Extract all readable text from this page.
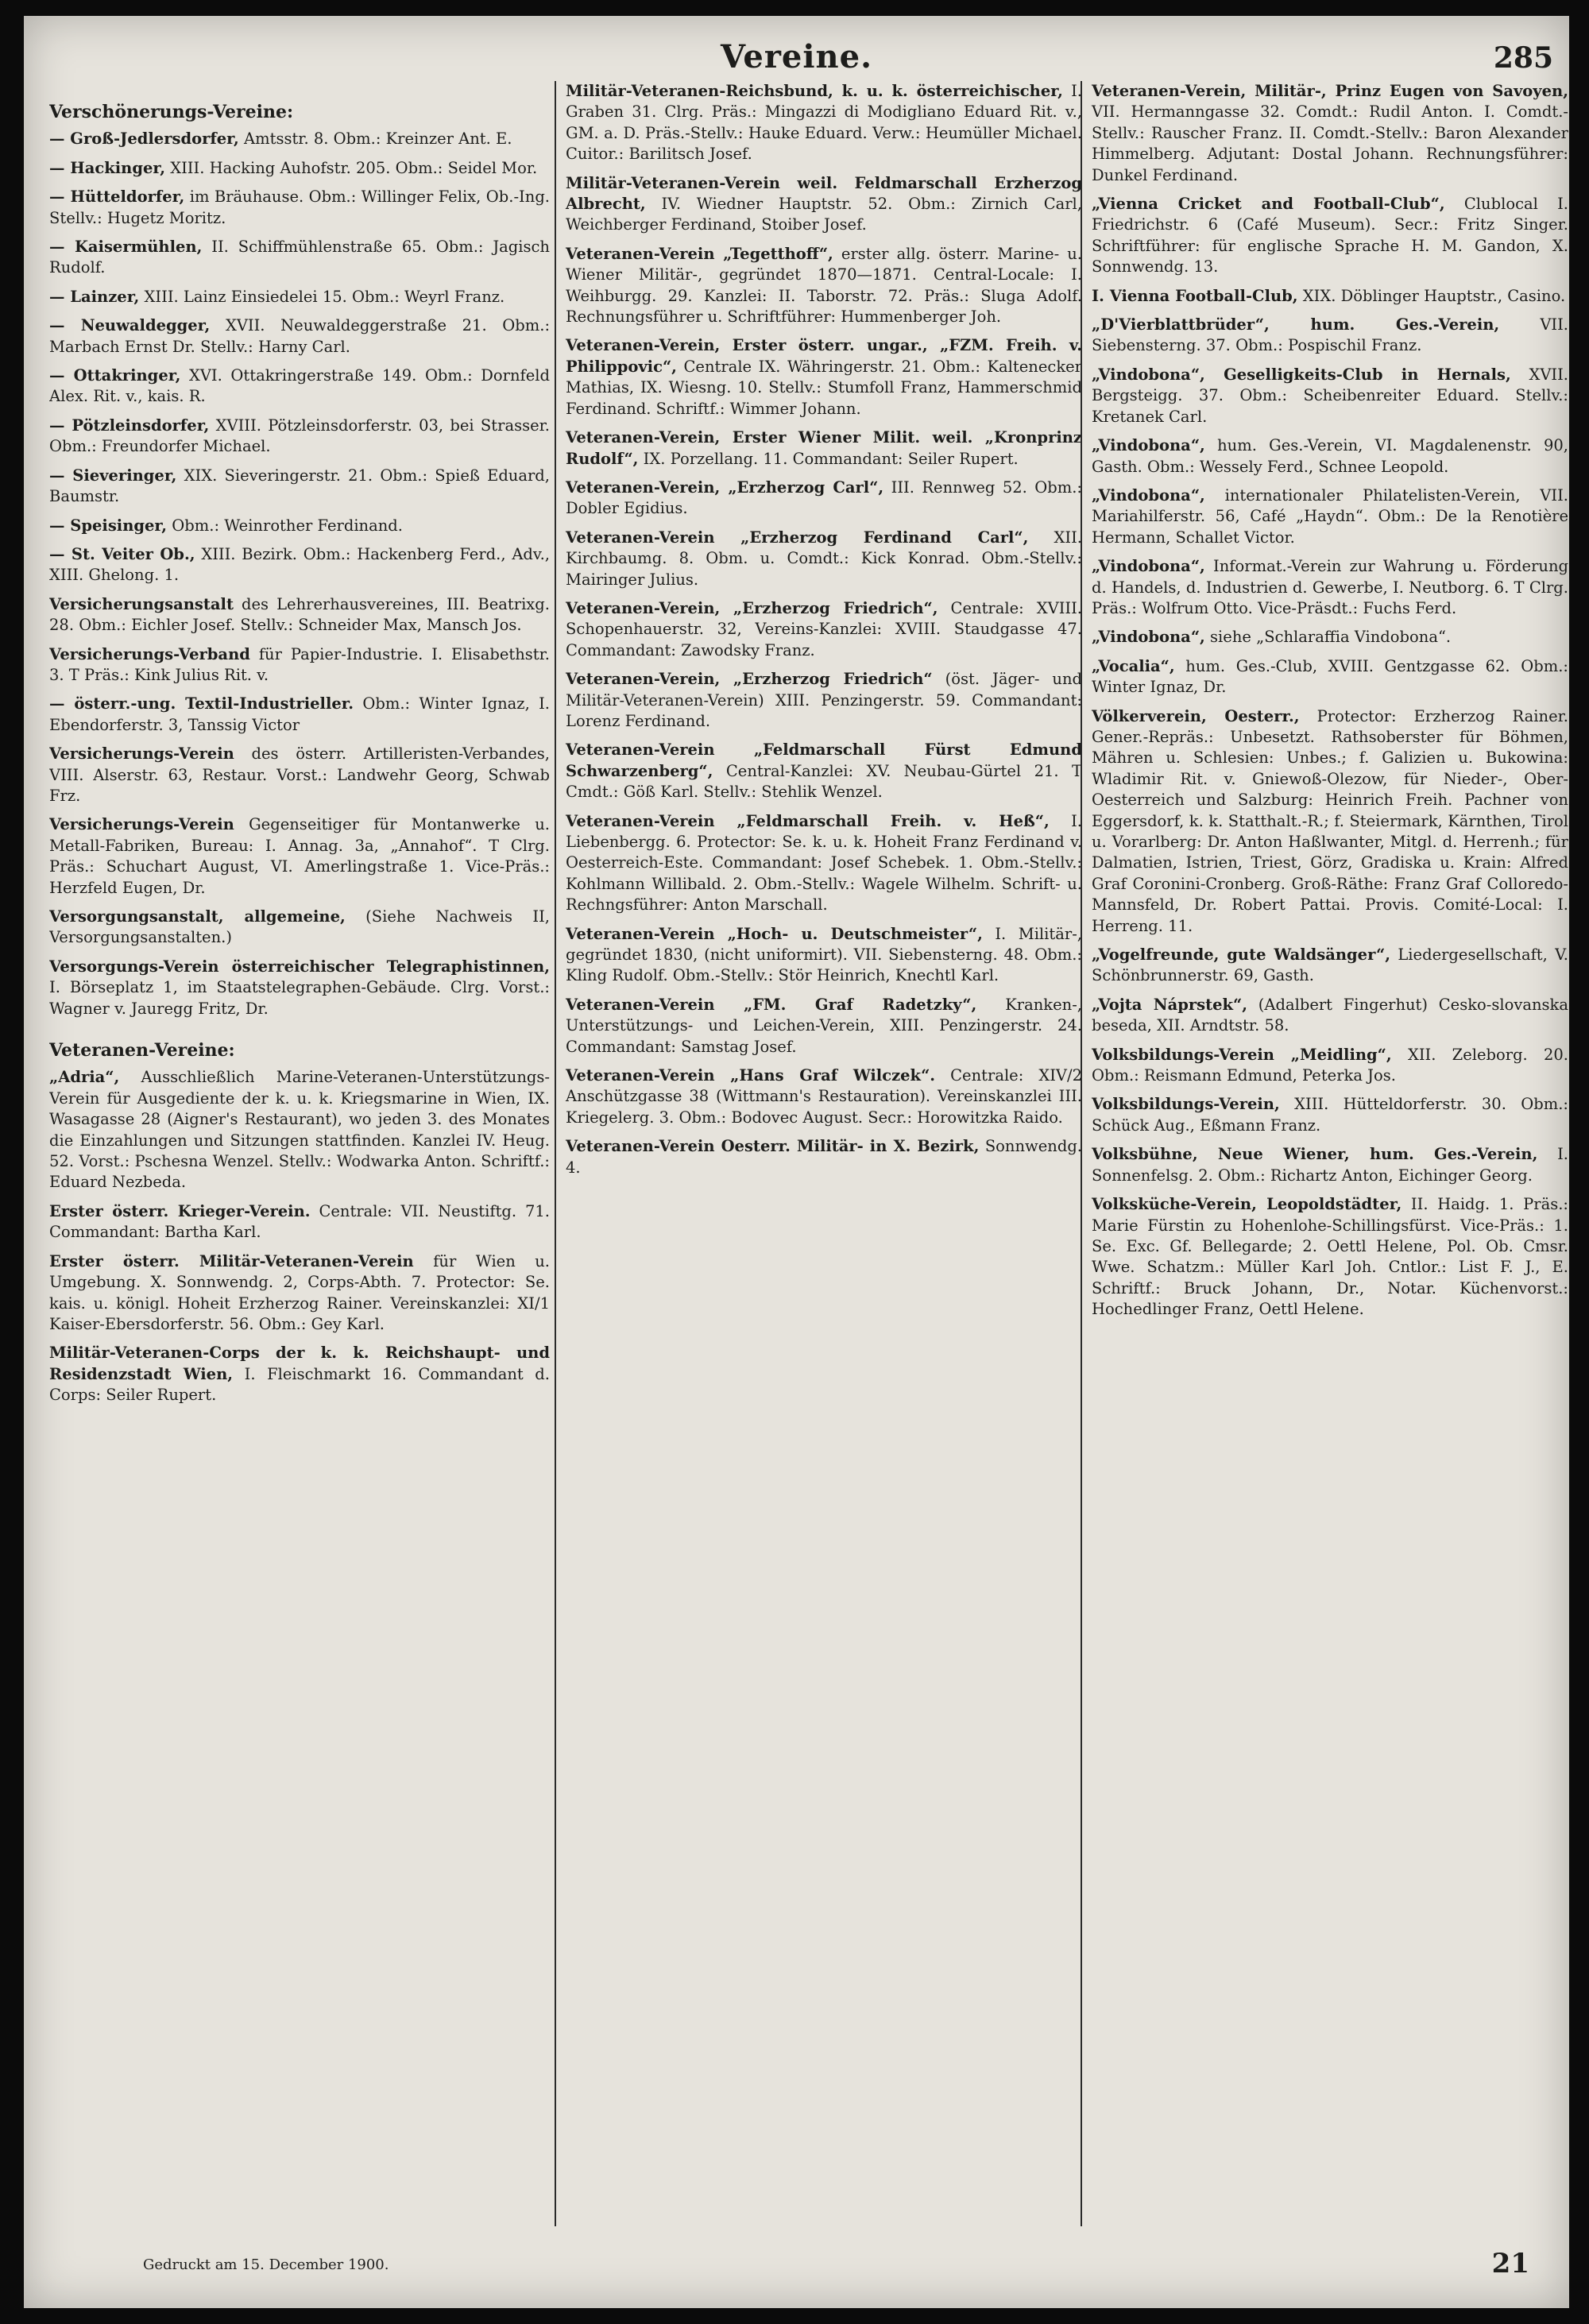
Vereine.	285
Verschönerungs-Vereine:
— Groß-Jedlersdorfer, Amtsstr. 8. Obm.: Kreinzer Ant. E.
— Hackinger, XIII. Hacking Auhofstr. 205. Obm.: Seidel Mor.
— Hütteldorfer, im Bräuhause. Obm.: Willinger Felix, Ob.-Ing. Stellv.: Hugetz Moritz.
— Kaisermühlen, II. Schiffmühlenstraße 65. Obm.: Jagisch Rudolf.
— Lainzer, XIII. Lainz Einsiedelei 15. Obm.: Weyrl Franz.
— Neuwaldegger, XVII. Neuwaldeggerstraße 21. Obm.: Marbach Ernst Dr. Stellv.: Harny Carl.
— Ottakringer, XVI. Ottakringerstraße 149. Obm.: Dornfeld Alex. Rit. v., kais. R.
— Pötzleinsdorfer, XVIII. Pötzleinsdorferstr. 03, bei Strasser. Obm.: Freundorfer Michael.
— Sieveringer, XIX. Sieveringerstr. 21. Obm.: Spieß Eduard, Baumstr.
— Speisinger, Obm.: Weinrother Ferdinand.
— St. Veiter Ob., XIII. Bezirk. Obm.: Hackenberg Ferd., Adv., XIII. Ghelong. 1.
Versicherungsanstalt des Lehrerhausvereines, III. Beatrixg. 28. Obm.: Eichler Josef. Stellv.: Schneider Max, Mansch Jos.
Versicherungs-Verband für Papier-Industrie. I. Elisabethstr. 3. T Präs.: Kink Julius Rit. v.
— österr.-ung. Textil-Industrieller. Obm.: Winter Ignaz, I. Ebendorferstr. 3, Tanssig Victor
Versicherungs-Verein des österr. Artilleristen-Verbandes, VIII. Alserstr. 63, Restaur. Vorst.: Landwehr Georg, Schwab Frz.
Versicherungs-Verein Gegenseitiger für Montanwerke u. Metall-Fabriken, Bureau: I. Annag. 3a, „Annahof“. T Clrg. Präs.: Schuchart August, VI. Amerlingstraße 1. Vice-Präs.: Herzfeld Eugen, Dr.
Versorgungsanstalt, allgemeine, (Siehe Nachweis II, Versorgungsanstalten.)
Versorgungs-Verein österreichischer Telegraphistinnen, I. Börseplatz 1, im Staatstelegraphen-Gebäude. Clrg. Vorst.: Wagner v. Jauregg Fritz, Dr.
Veteranen-Vereine:
„Adria“, Ausschließlich Marine-Veteranen-Unterstützungs-Verein für Ausgediente der k. u. k. Kriegsmarine in Wien, IX. Wasagasse 28 (Aigner's Restaurant), wo jeden 3. des Monates die Einzahlungen und Sitzungen stattfinden. Kanzlei IV. Heug. 52. Vorst.: Pschesna Wenzel. Stellv.: Wodwarka Anton. Schriftf.: Eduard Nezbeda.
Erster österr. Krieger-Verein. Centrale: VII. Neustiftg. 71. Commandant: Bartha Karl.
Erster österr. Militär-Veteranen-Verein für Wien u. Umgebung. X. Sonnwendg. 2, Corps-Abth. 7. Protector: Se. kais. u. königl. Hoheit Erzherzog Rainer. Vereinskanzlei: XI/1 Kaiser-Ebersdorferstr. 56. Obm.: Gey Karl.
Militär-Veteranen-Corps der k. k. Reichshaupt- und Residenzstadt Wien, I. Fleischmarkt 16. Commandant d. Corps: Seiler Rupert.
Militär-Veteranen-Reichsbund, k. u. k. österreichischer, I. Graben 31. Clrg. Präs.: Mingazzi di Modigliano Eduard Rit. v., GM. a. D. Präs.-Stellv.: Hauke Eduard. Verw.: Heumüller Michael. Cuitor.: Barilitsch Josef.
Militär-Veteranen-Verein weil. Feldmarschall Erzherzog Albrecht, IV. Wiedner Hauptstr. 52. Obm.: Zirnich Carl, Weichberger Ferdinand, Stoiber Josef.
Veteranen-Verein „Tegetthoff“, erster allg. österr. Marine- u. Wiener Militär-, gegründet 1870—1871. Central-Locale: I. Weihburgg. 29. Kanzlei: II. Taborstr. 72. Präs.: Sluga Adolf. Rechnungsführer u. Schriftführer: Hummenberger Joh.
Veteranen-Verein, Erster österr. ungar., „FZM. Freih. v. Philippovic“, Centrale IX. Währingerstr. 21. Obm.: Kaltenecker Mathias, IX. Wiesng. 10. Stellv.: Stumfoll Franz, Hammerschmid Ferdinand. Schriftf.: Wimmer Johann.
Veteranen-Verein, Erster Wiener Milit. weil. „Kronprinz Rudolf“, IX. Porzellang. 11. Commandant: Seiler Rupert.
Veteranen-Verein, „Erzherzog Carl“, III. Rennweg 52. Obm.: Dobler Egidius.
Veteranen-Verein „Erzherzog Ferdinand Carl“, XII. Kirchbaumg. 8. Obm. u. Comdt.: Kick Konrad. Obm.-Stellv.: Mairinger Julius.
Veteranen-Verein, „Erzherzog Friedrich“, Centrale: XVIII. Schopenhauerstr. 32, Vereins-Kanzlei: XVIII. Staudgasse 47. Commandant: Zawodsky Franz.
Veteranen-Verein, „Erzherzog Friedrich“ (öst. Jäger- und Militär-Veteranen-Verein) XIII. Penzingerstr. 59. Commandant: Lorenz Ferdinand.
Veteranen-Verein „Feldmarschall Fürst Edmund Schwarzenberg“, Central-Kanzlei: XV. Neubau-Gürtel 21. T Cmdt.: Göß Karl. Stellv.: Stehlik Wenzel.
Veteranen-Verein „Feldmarschall Freih. v. Heß“, I. Liebenbergg. 6. Protector: Se. k. u. k. Hoheit Franz Ferdinand v. Oesterreich-Este. Commandant: Josef Schebek. 1. Obm.-Stellv.: Kohlmann Willibald. 2. Obm.-Stellv.: Wagele Wilhelm. Schrift- u. Rechngsführer: Anton Marschall.
Veteranen-Verein „Hoch- u. Deutschmeister“, I. Militär-, gegründet 1830, (nicht uniformirt). VII. Siebensterng. 48. Obm.: Kling Rudolf. Obm.-Stellv.: Stör Heinrich, Knechtl Karl.
Veteranen-Verein „FM. Graf Radetzky“, Kranken-, Unterstützungs- und Leichen-Verein, XIII. Penzingerstr. 24. Commandant: Samstag Josef.
Veteranen-Verein „Hans Graf Wilczek“. Centrale: XIV/2 Anschützgasse 38 (Wittmann's Restauration). Vereinskanzlei III. Kriegelerg. 3. Obm.: Bodovec August. Secr.: Horowitzka Raido.
Veteranen-Verein Oesterr. Militär- in X. Bezirk, Sonnwendg. 4.
Veteranen-Verein, Militär-, Prinz Eugen von Savoyen, VII. Hermanngasse 32. Comdt.: Rudil Anton. I. Comdt.-Stellv.: Rauscher Franz. II. Comdt.-Stellv.: Baron Alexander Himmelberg. Adjutant: Dostal Johann. Rechnungsführer: Dunkel Ferdinand.
„Vienna Cricket and Football-Club“, Clublocal I. Friedrichstr. 6 (Café Museum). Secr.: Fritz Singer. Schriftführer: für englische Sprache H. M. Gandon, X. Sonnwendg. 13.
I. Vienna Football-Club, XIX. Döblinger Hauptstr., Casino.
„D'Vierblattbrüder“, hum. Ges.-Verein,	VII. Siebensterng. 37. Obm.: Pospischil Franz.
„Vindobona“, Geselligkeits-Club in Hernals, XVII. Bergsteigg. 37. Obm.: Scheibenreiter Eduard. Stellv.: Kretanek Carl.
„Vindobona“, hum. Ges.-Verein, VI. Magdalenenstr. 90, Gasth. Obm.: Wessely Ferd., Schnee Leopold.
„Vindobona“, internationaler Philatelisten-Verein, VII. Mariahilferstr. 56, Café „Haydn“. Obm.: De la Renotière Hermann, Schallet Victor.
„Vindobona“, Informat.-Verein zur Wahrung u. Förderung d. Handels, d. Industrien d. Gewerbe, I. Neutborg. 6. T Clrg. Präs.: Wolfrum Otto. Vice-Präsdt.: Fuchs Ferd.
„Vindobona“, siehe „Schlaraffia Vindobona“.
„Vocalia“, hum. Ges.-Club, XVIII. Gentzgasse 62. Obm.: Winter Ignaz, Dr.
Völkerverein, Oesterr., Protector: Erzherzog Rainer. Gener.-Repräs.: Unbesetzt. Rathsoberster für Böhmen, Mähren u. Schlesien: Unbes.; f. Galizien u. Bukowina: Wladimir Rit. v. Gniewoß-Olezow, für Nieder-, Ober-Oesterreich und Salzburg: Heinrich Freih. Pachner von Eggersdorf, k. k. Statthalt.-R.; f. Steiermark, Kärnthen, Tirol u. Vorarlberg: Dr. Anton Haßlwanter, Mitgl. d. Herrenh.; für Dalmatien, Istrien, Triest, Görz, Gradiska u. Krain: Alfred Graf Coronini-Cronberg. Groß-Räthe: Franz Graf Colloredo-Mannsfeld, Dr. Robert Pattai. Provis. Comité-Local: I. Herreng. 11.
„Vogelfreunde, gute Waldsänger“, Liedergesellschaft, V. Schönbrunnerstr. 69, Gasth.
„Vojta Náprstek“, (Adalbert Fingerhut) Cesko-slovanska beseda, XII. Arndtstr. 58.
Volksbildungs-Verein „Meidling“, XII. Zeleborg. 20. Obm.: Reismann Edmund, Peterka Jos.
Volksbildungs-Verein, XIII. Hütteldorferstr. 30. Obm.: Schück Aug., Eßmann Franz.
Volksbühne, Neue Wiener, hum. Ges.-Verein, I. Sonnenfelsg. 2. Obm.: Richartz Anton, Eichinger Georg.
Volksküche-Verein, Leopoldstädter, II. Haidg. 1. Präs.: Marie Fürstin zu Hohenlohe-Schillingsfürst. Vice-Präs.: 1. Se. Exc. Gf. Bellegarde; 2. Oettl Helene, Pol. Ob. Cmsr. Wwe. Schatzm.: Müller Karl Joh. Cntlor.: List F. J., E. Schriftf.: Bruck Johann, Dr., Notar. Küchenvorst.: Hochedlinger Franz, Oettl Helene.
Gedruckt am 15. December 1900.	21
